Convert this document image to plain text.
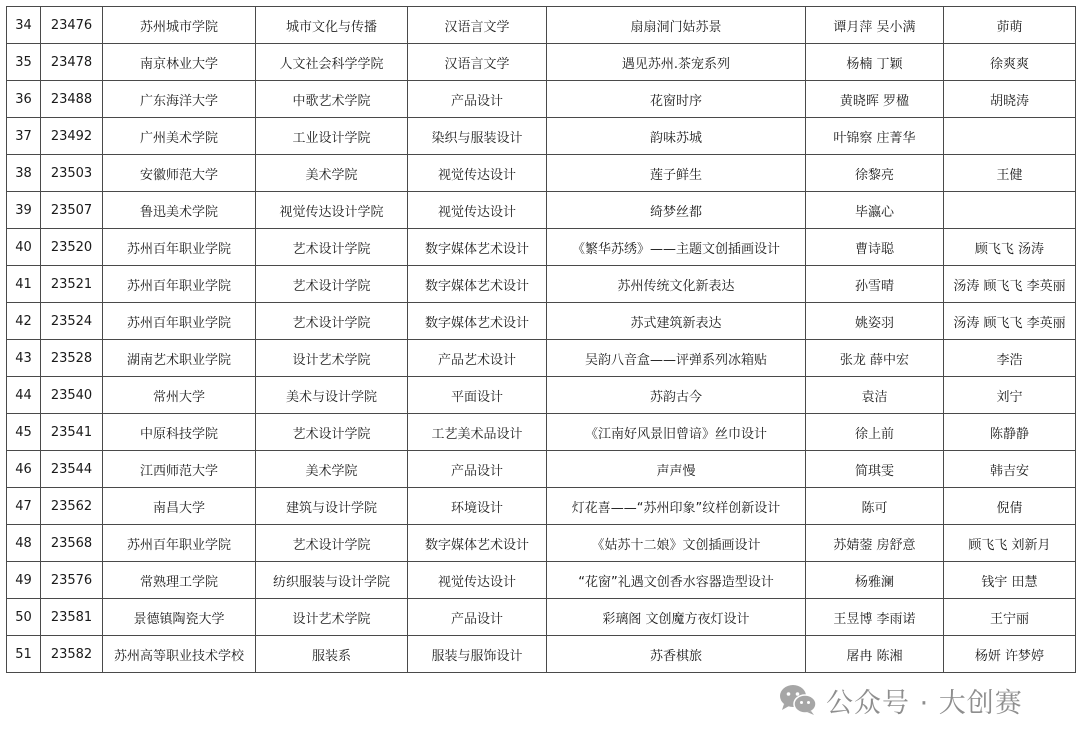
34	23476	苏州城市学院	城市文化与传播	汉语言文学	扇扇洞门姑苏景	谭月萍 吴小满	茆萌
35	23478	南京林业大学	人文社会科学学院	汉语言文学	遇见苏州.茶宠系列	杨楠 丁颖	徐爽爽
36	23488	广东海洋大学	中歌艺术学院	产品设计	花窗时序	黄晓晖 罗楹	胡晓涛
37	23492	广州美术学院	工业设计学院	染织与服装设计	韵味苏城	叶锦察 庄菁华	
38	23503	安徽师范大学	美术学院	视觉传达设计	莲子鲜生	徐黎亮	王健
39	23507	鲁迅美术学院	视觉传达设计学院	视觉传达设计	绮梦丝都	毕瀛心	
40	23520	苏州百年职业学院	艺术设计学院	数字媒体艺术设计	《繁华苏绣》——主题文创插画设计	曹诗聪	顾飞飞 汤涛
41	23521	苏州百年职业学院	艺术设计学院	数字媒体艺术设计	苏州传统文化新表达	孙雪晴	汤涛 顾飞飞 李英丽
42	23524	苏州百年职业学院	艺术设计学院	数字媒体艺术设计	苏式建筑新表达	姚姿羽	汤涛 顾飞飞 李英丽
43	23528	湖南艺术职业学院	设计艺术学院	产品艺术设计	吴韵八音盒——评弹系列冰箱贴	张龙 薛中宏	李浩
44	23540	常州大学	美术与设计学院	平面设计	苏韵古今	袁洁	刘宁
45	23541	中原科技学院	艺术设计学院	工艺美术品设计	《江南好风景旧曾谙》丝巾设计	徐上前	陈静静
46	23544	江西师范大学	美术学院	产品设计	声声慢	简琪雯	韩吉安
47	23562	南昌大学	建筑与设计学院	环境设计	灯花喜——“苏州印象”纹样创新设计	陈可	倪倩
48	23568	苏州百年职业学院	艺术设计学院	数字媒体艺术设计	《姑苏十二娘》文创插画设计	苏婧蓥 房舒意	顾飞飞 刘新月
49	23576	常熟理工学院	纺织服装与设计学院	视觉传达设计	“花窗”礼遇文创香水容器造型设计	杨雅澜	钱宇 田慧
50	23581	景德镇陶瓷大学	设计艺术学院	产品设计	彩璃阁 文创魔方夜灯设计	王昱博 李雨诺	王宁丽
51	23582	苏州高等职业技术学校	服装系	服装与服饰设计	苏香棋旅	屠冉 陈湘	杨妍 许梦婷
公众号 · 大创赛
